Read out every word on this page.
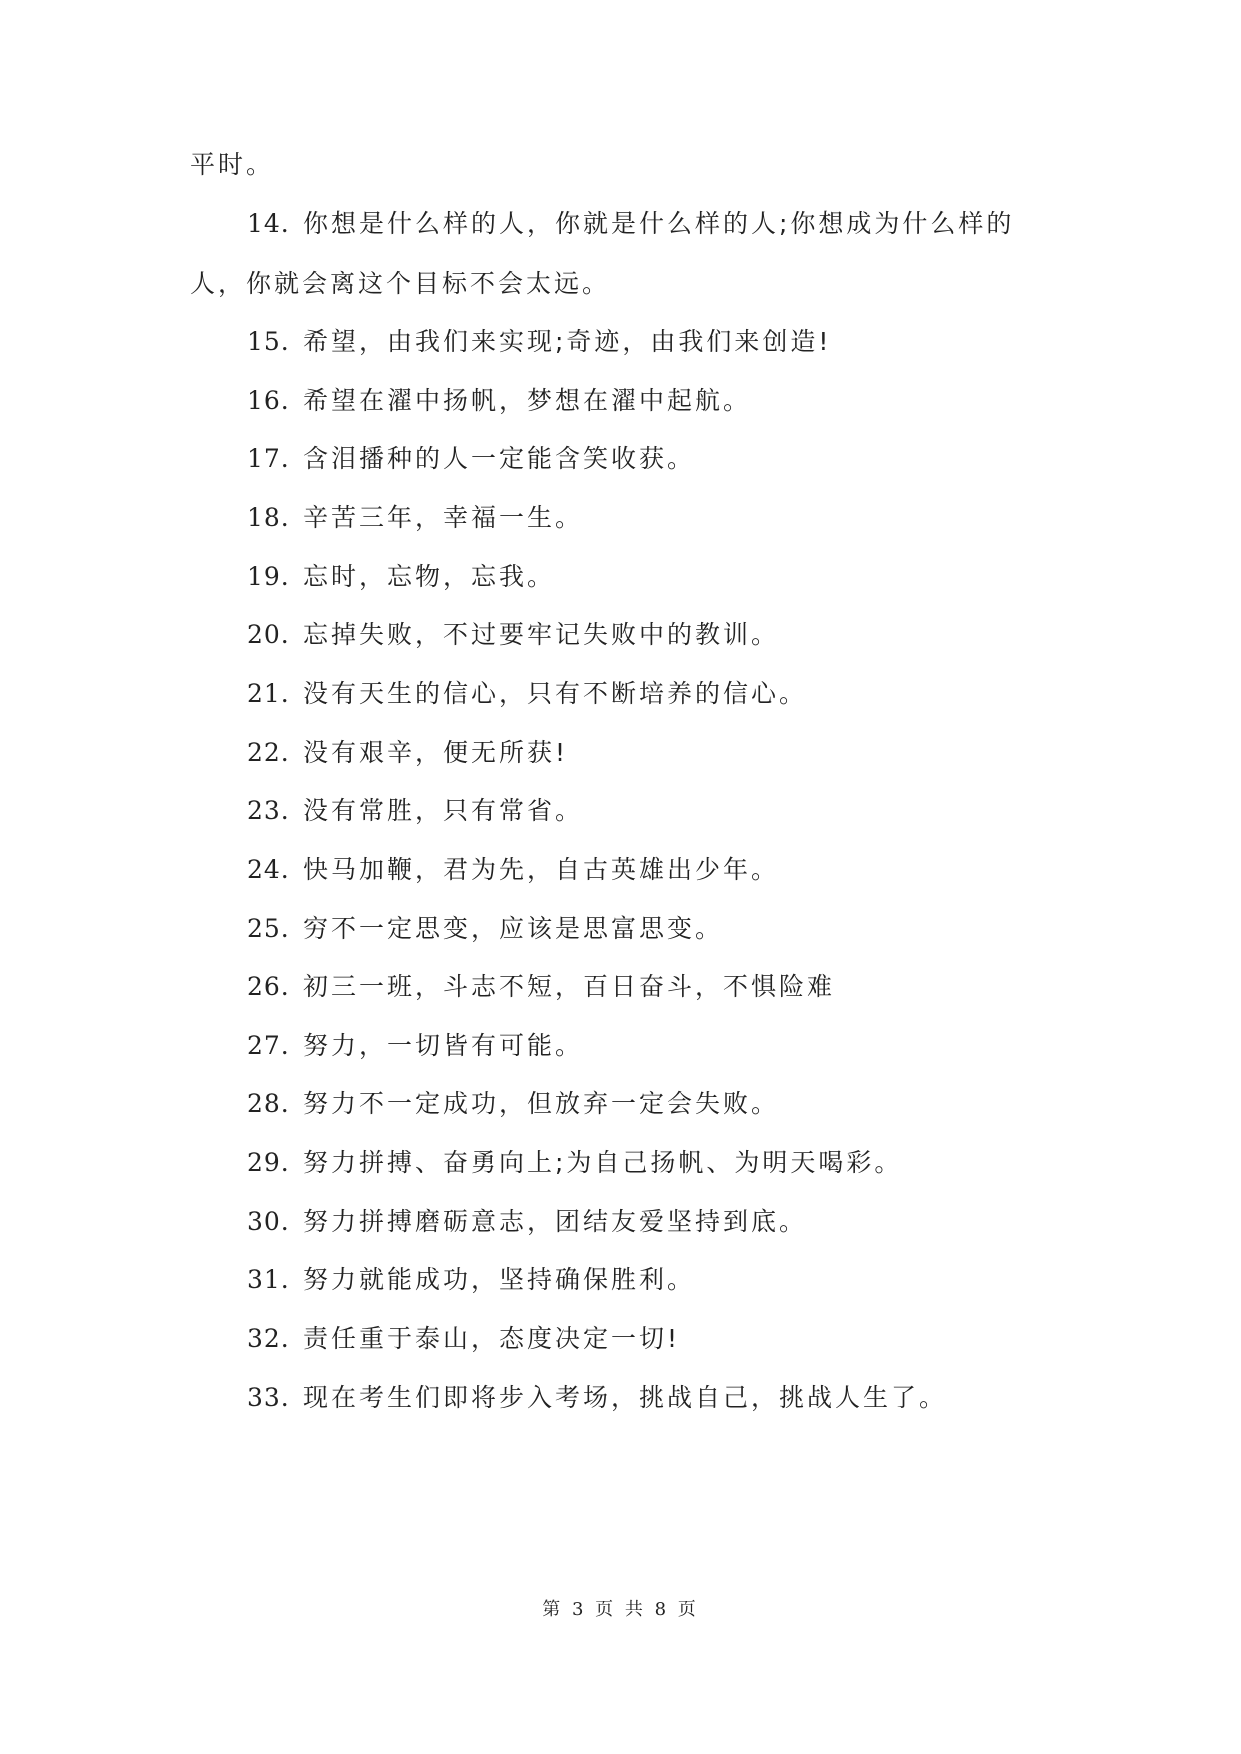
平时。
14. 你想是什么样的人，你就是什么样的人;你想成为什么样的
人，你就会离这个目标不会太远。
15. 希望，由我们来实现;奇迹，由我们来创造!
16. 希望在濯中扬帆，梦想在濯中起航。
17. 含泪播种的人一定能含笑收获。
18. 辛苦三年，幸福一生。
19. 忘时，忘物，忘我。
20. 忘掉失败，不过要牢记失败中的教训。
21. 没有天生的信心，只有不断培养的信心。
22. 没有艰辛，便无所获!
23. 没有常胜，只有常省。
24. 快马加鞭，君为先，自古英雄出少年。
25. 穷不一定思变，应该是思富思变。
26. 初三一班，斗志不短，百日奋斗，不惧险难
27. 努力，一切皆有可能。
28. 努力不一定成功，但放弃一定会失败。
29. 努力拼搏、奋勇向上;为自己扬帆、为明天喝彩。
30. 努力拼搏磨砺意志，团结友爱坚持到底。
31. 努力就能成功，坚持确保胜利。
32. 责任重于泰山，态度决定一切!
33. 现在考生们即将步入考场，挑战自己，挑战人生了。
第 3 页 共 8 页
